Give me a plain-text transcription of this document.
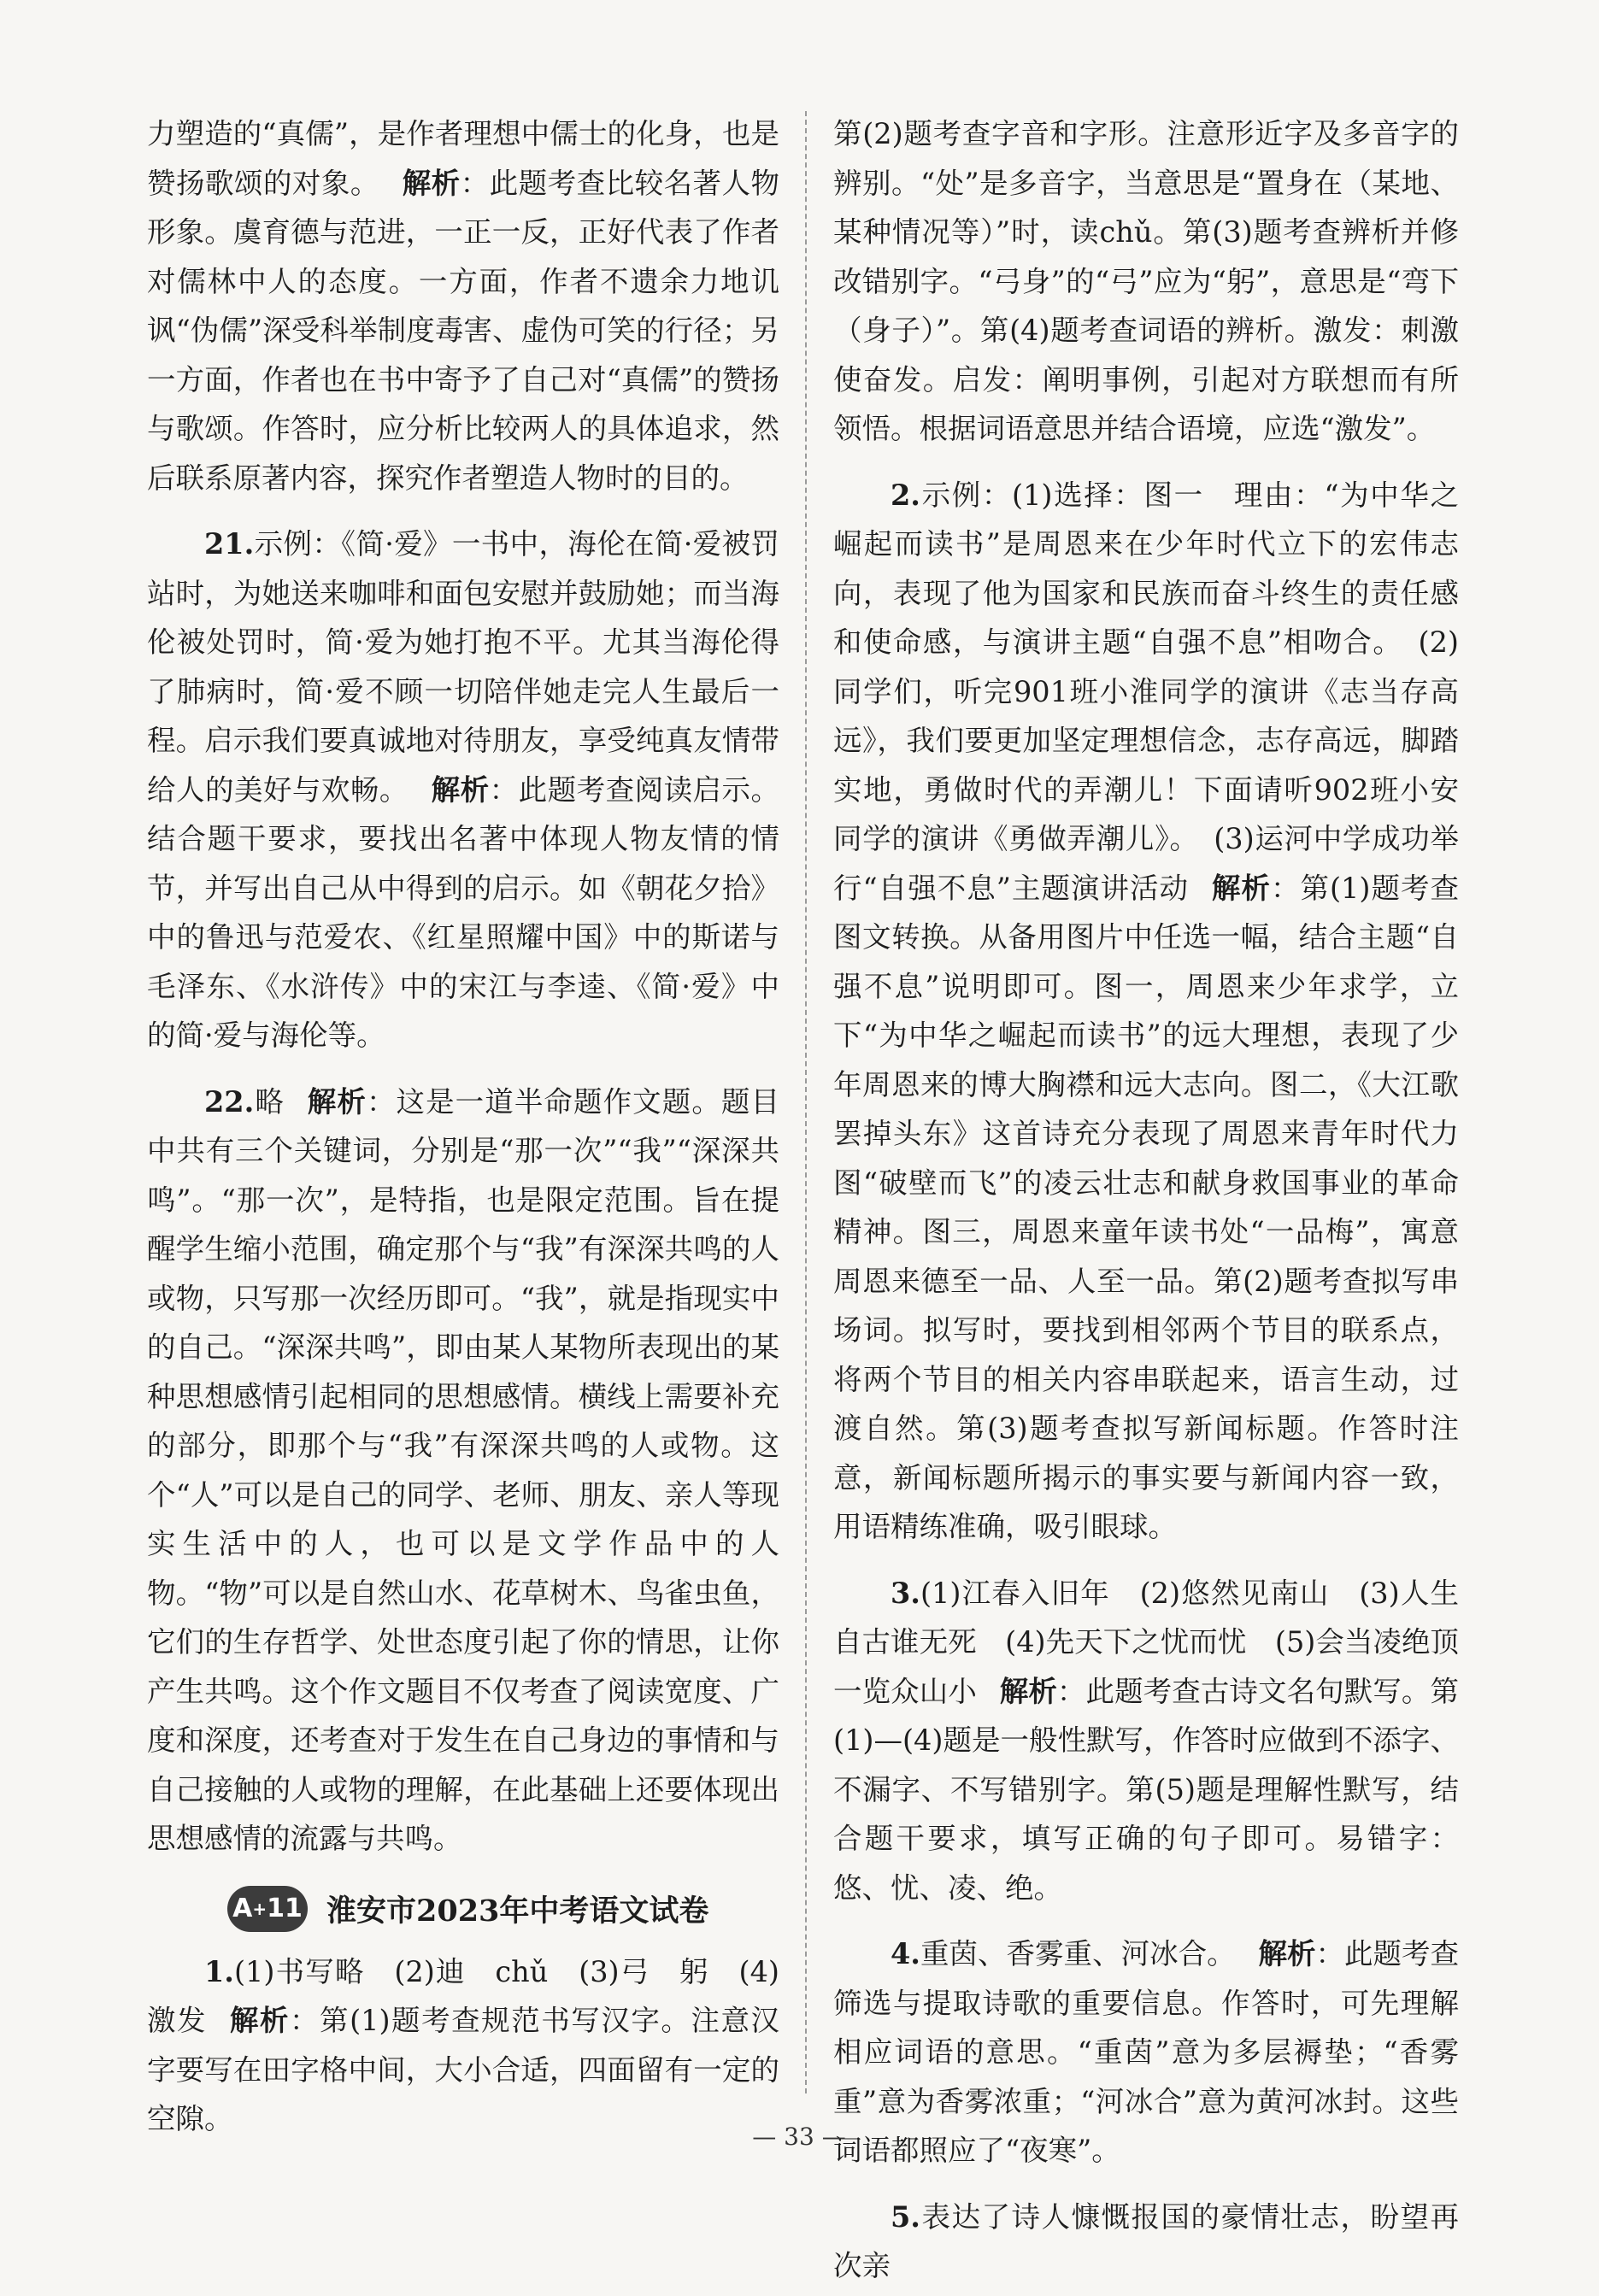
力塑造的“真儒”，是作者理想中儒士的化身，也是赞扬歌颂的对象。 解析：此题考查比较名著人物形象。虞育德与范进，一正一反，正好代表了作者对儒林中人的态度。一方面，作者不遗余力地讥讽“伪儒”深受科举制度毒害、虚伪可笑的行径；另一方面，作者也在书中寄予了自己对“真儒”的赞扬与歌颂。作答时，应分析比较两人的具体追求，然后联系原著内容，探究作者塑造人物时的目的。

21.示例：《简·爱》一书中，海伦在简·爱被罚站时，为她送来咖啡和面包安慰并鼓励她；而当海伦被处罚时，简·爱为她打抱不平。尤其当海伦得了肺病时，简·爱不顾一切陪伴她走完人生最后一程。启示我们要真诚地对待朋友，享受纯真友情带给人的美好与欢畅。 解析：此题考查阅读启示。结合题干要求，要找出名著中体现人物友情的情节，并写出自己从中得到的启示。如《朝花夕拾》中的鲁迅与范爱农、《红星照耀中国》中的斯诺与毛泽东、《水浒传》中的宋江与李逵、《简·爱》中的简·爱与海伦等。

22.略 解析：这是一道半命题作文题。题目中共有三个关键词，分别是“那一次”“我”“深深共鸣”。“那一次”，是特指，也是限定范围。旨在提醒学生缩小范围，确定那个与“我”有深深共鸣的人或物，只写那一次经历即可。“我”，就是指现实中的自己。“深深共鸣”，即由某人某物所表现出的某种思想感情引起相同的思想感情。横线上需要补充的部分，即那个与“我”有深深共鸣的人或物。这个“人”可以是自己的同学、老师、朋友、亲人等现实生活中的人，也可以是文学作品中的人物。“物”可以是自然山水、花草树木、鸟雀虫鱼，它们的生存哲学、处世态度引起了你的情思，让你产生共鸣。这个作文题目不仅考查了阅读宽度、广度和深度，还考查对于发生在自己身边的事情和与自己接触的人或物的理解，在此基础上还要体现出思想感情的流露与共鸣。

A + 11 淮安市2023年中考语文试卷

1.(1)书写略　(2)迪　chǔ　(3)弓　躬　(4)激发 解析：第(1)题考查规范书写汉字。注意汉字要写在田字格中间，大小合适，四面留有一定的空隙。

第(2)题考查字音和字形。注意形近字及多音字的辨别。“处”是多音字，当意思是“置身在（某地、某种情况等）”时，读chǔ。第(3)题考查辨析并修改错别字。“弓身”的“弓”应为“躬”，意思是“弯下（身子）”。第(4)题考查词语的辨析。激发：刺激使奋发。启发：阐明事例，引起对方联想而有所领悟。根据词语意思并结合语境，应选“激发”。

2.示例：(1)选择：图一　理由：“为中华之崛起而读书”是周恩来在少年时代立下的宏伟志向，表现了他为国家和民族而奋斗终生的责任感和使命感，与演讲主题“自强不息”相吻合。　(2)同学们，听完901班小淮同学的演讲《志当存高远》，我们要更加坚定理想信念，志存高远，脚踏实地，勇做时代的弄潮儿！下面请听902班小安同学的演讲《勇做弄潮儿》。　(3)运河中学成功举行“自强不息”主题演讲活动 解析：第(1)题考查图文转换。从备用图片中任选一幅，结合主题“自强不息”说明即可。图一，周恩来少年求学，立下“为中华之崛起而读书”的远大理想，表现了少年周恩来的博大胸襟和远大志向。图二，《大江歌罢掉头东》这首诗充分表现了周恩来青年时代力图“破壁而飞”的凌云壮志和献身救国事业的革命精神。图三，周恩来童年读书处“一品梅”，寓意周恩来德至一品、人至一品。第(2)题考查拟写串场词。拟写时，要找到相邻两个节目的联系点，将两个节目的相关内容串联起来，语言生动，过渡自然。第(3)题考查拟写新闻标题。作答时注意，新闻标题所揭示的事实要与新闻内容一致，用语精练准确，吸引眼球。

3.(1)江春入旧年　(2)悠然见南山　(3)人生自古谁无死　(4)先天下之忧而忧　(5)会当凌绝顶　一览众山小 解析：此题考查古诗文名句默写。第(1)—(4)题是一般性默写，作答时应做到不添字、不漏字、不写错别字。第(5)题是理解性默写，结合题干要求，填写正确的句子即可。易错字：悠、忧、凌、绝。

4.重茵、香雾重、河冰合。 解析：此题考查筛选与提取诗歌的重要信息。作答时，可先理解相应词语的意思。“重茵”意为多层褥垫；“香雾重”意为香雾浓重；“河冰合”意为黄河冰封。这些词语都照应了“夜寒”。

5.表达了诗人慷慨报国的豪情壮志，盼望再次亲

— 33 —
